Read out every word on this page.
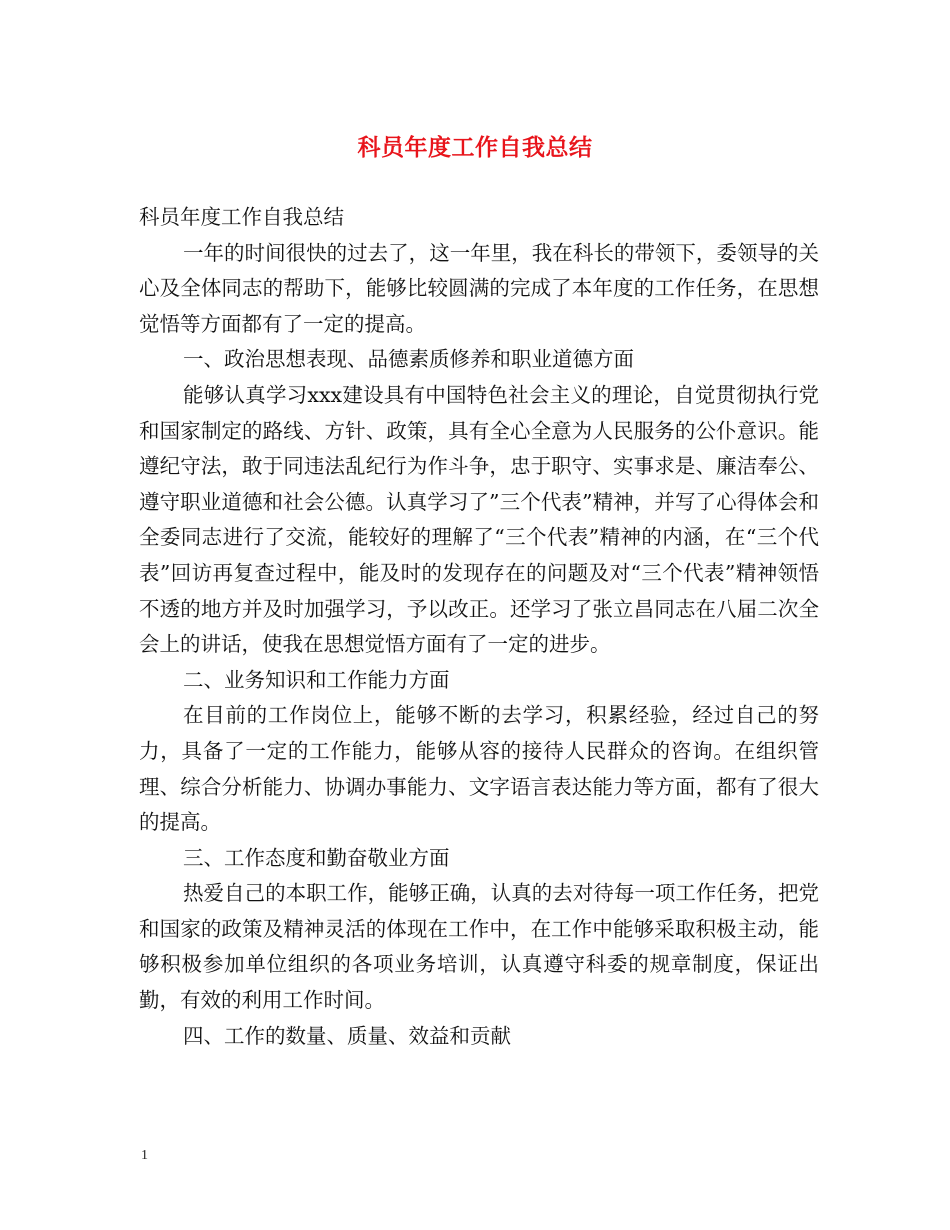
科员年度工作自我总结

科员年度工作自我总结

一年的时间很快的过去了，这一年里，我在科长的带领下，委领导的关心及全体同志的帮助下，能够比较圆满的完成了本年度的工作任务，在思想觉悟等方面都有了一定的提高。

一、政治思想表现、品德素质修养和职业道德方面

能够认真学习xxx建设具有中国特色社会主义的理论，自觉贯彻执行党和国家制定的路线、方针、政策，具有全心全意为人民服务的公仆意识。能遵纪守法，敢于同违法乱纪行为作斗争，忠于职守、实事求是、廉洁奉公、遵守职业道德和社会公德。认真学习了”三个代表”精神，并写了心得体会和全委同志进行了交流，能较好的理解了“三个代表”精神的内涵，在“三个代表”回访再复查过程中，能及时的发现存在的问题及对“三个代表”精神领悟不透的地方并及时加强学习，予以改正。还学习了张立昌同志在八届二次全会上的讲话，使我在思想觉悟方面有了一定的进步。

二、业务知识和工作能力方面

在目前的工作岗位上，能够不断的去学习，积累经验，经过自己的努力，具备了一定的工作能力，能够从容的接待人民群众的咨询。在组织管理、综合分析能力、协调办事能力、文字语言表达能力等方面，都有了很大的提高。

三、工作态度和勤奋敬业方面

热爱自己的本职工作，能够正确，认真的去对待每一项工作任务，把党和国家的政策及精神灵活的体现在工作中，在工作中能够采取积极主动，能够积极参加单位组织的各项业务培训，认真遵守科委的规章制度，保证出勤，有效的利用工作时间。

四、工作的数量、质量、效益和贡献

1
